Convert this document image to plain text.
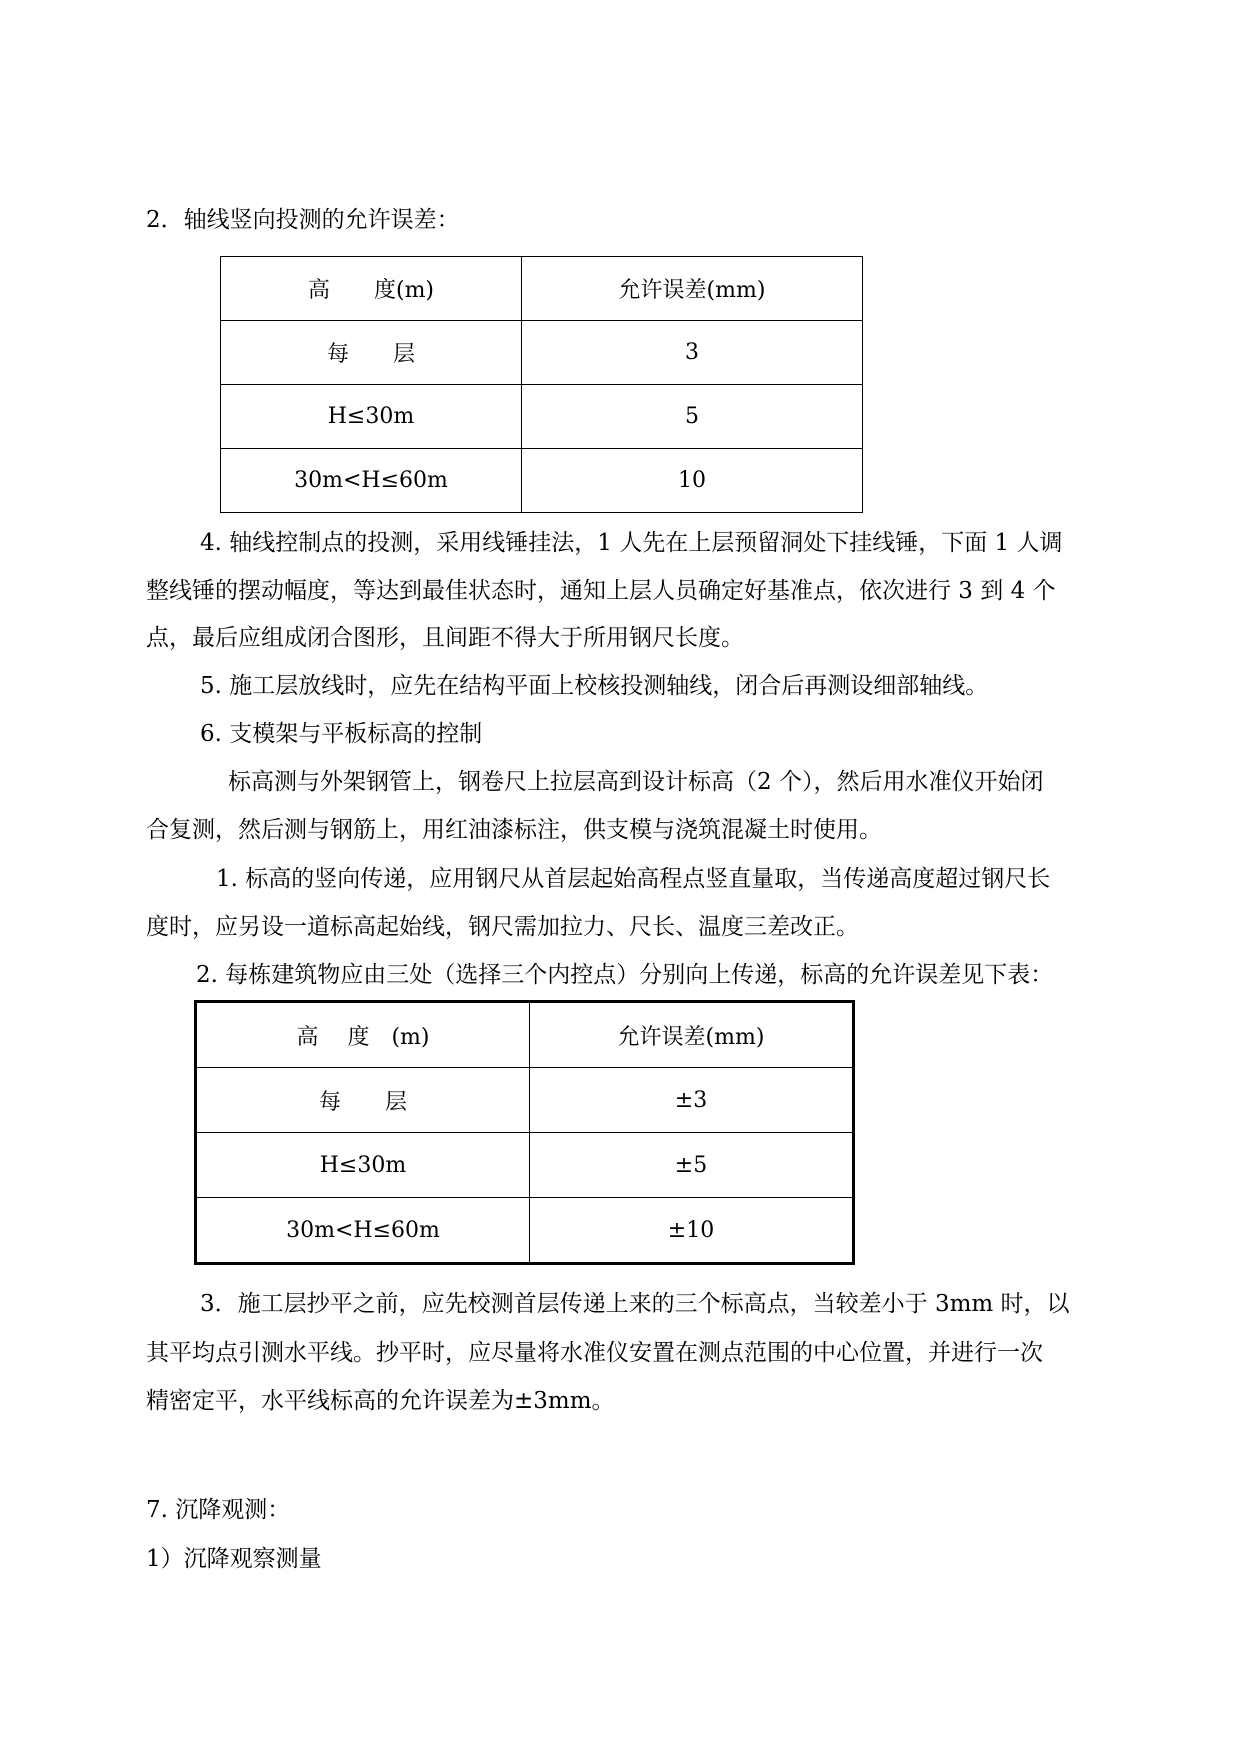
2．轴线竖向投测的允许误差：
高　　度(m)	允许误差(mm)
每　　层	3
H≤30m	5
30m<H≤60m	10
4. 轴线控制点的投测，采用线锤挂法，1 人先在上层预留洞处下挂线锤，下面 1 人调
整线锤的摆动幅度，等达到最佳状态时，通知上层人员确定好基准点，依次进行 3 到 4 个
点，最后应组成闭合图形，且间距不得大于所用钢尺长度。
5. 施工层放线时，应先在结构平面上校核投测轴线，闭合后再测设细部轴线。
6. 支模架与平板标高的控制
标高测与外架钢管上，钢卷尺上拉层高到设计标高（2 个），然后用水准仪开始闭
合复测，然后测与钢筋上，用红油漆标注，供支模与浇筑混凝土时使用。
1. 标高的竖向传递，应用钢尺从首层起始高程点竖直量取，当传递高度超过钢尺长
度时，应另设一道标高起始线，钢尺需加拉力、尺长、温度三差改正。
2. 每栋建筑物应由三处（选择三个内控点）分别向上传递，标高的允许误差见下表：
高　 度　(m)	允许误差(mm)
每　　层	±3
H≤30m	±5
30m<H≤60m	±10
3．施工层抄平之前，应先校测首层传递上来的三个标高点，当较差小于 3mm 时，以
其平均点引测水平线。抄平时，应尽量将水准仪安置在测点范围的中心位置，并进行一次
精密定平，水平线标高的允许误差为±3mm。
7. 沉降观测：
1）沉降观察测量
